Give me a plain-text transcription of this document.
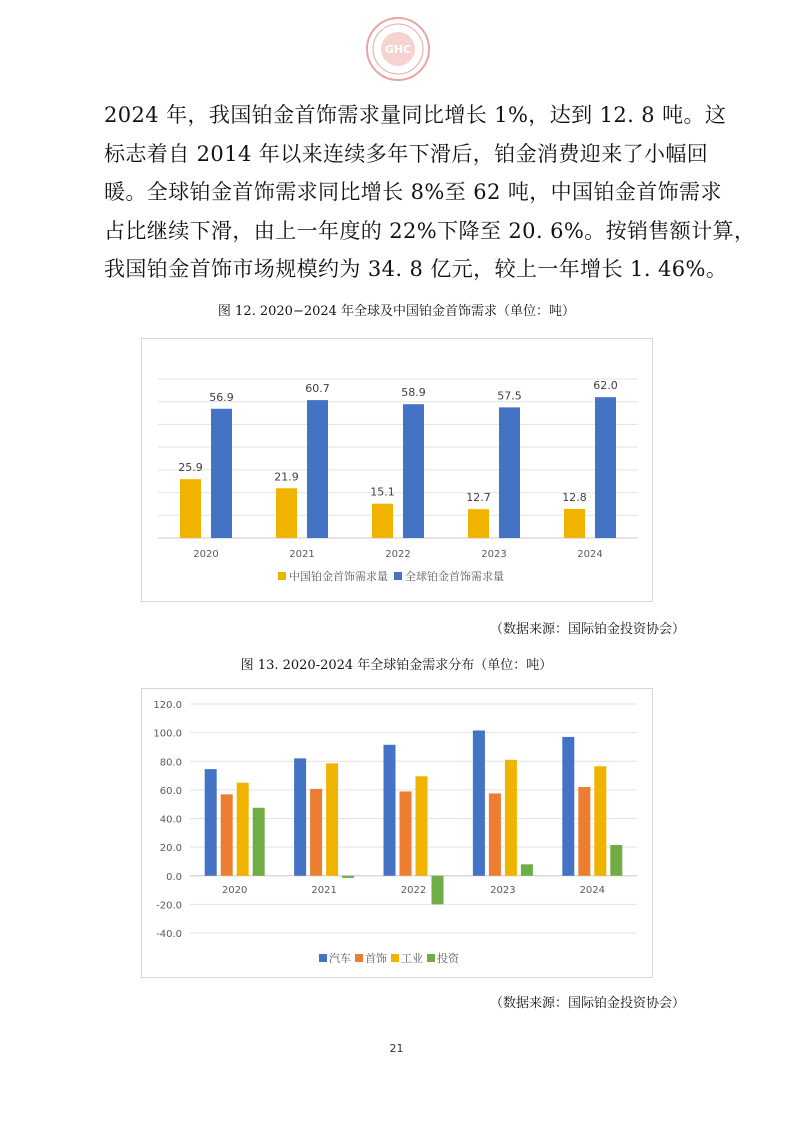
GHC

2024 年，我国铂金首饰需求量同比增长 1%，达到 12. 8 吨。这
标志着自 2014 年以来连续多年下滑后，铂金消费迎来了小幅回
暖。全球铂金首饰需求同比增长 8%至 62 吨，中国铂金首饰需求
占比继续下滑，由上一年度的 22%下降至 20. 6%。按销售额计算，
我国铂金首饰市场规模约为 34. 8 亿元，较上一年增长 1. 46%。

图 12. 2020−2024 年全球及中国铂金首饰需求（单位：吨）
25.9
56.9
2020
21.9
60.7
2021
15.1
58.9
2022
12.7
57.5
2023
12.8
62.0
2024
中国铂金首饰需求量 全球铂金首饰需求量
（数据来源：国际铂金投资协会）
图 13. 2020-2024 年全球铂金需求分布（单位：吨）
120.0
100.0
80.0
60.0
40.0
20.0
0.0
-20.0
-40.0
2020	2021	2022	2023	2024
汽车 首饰 工业 投资
（数据来源：国际铂金投资协会）
21
